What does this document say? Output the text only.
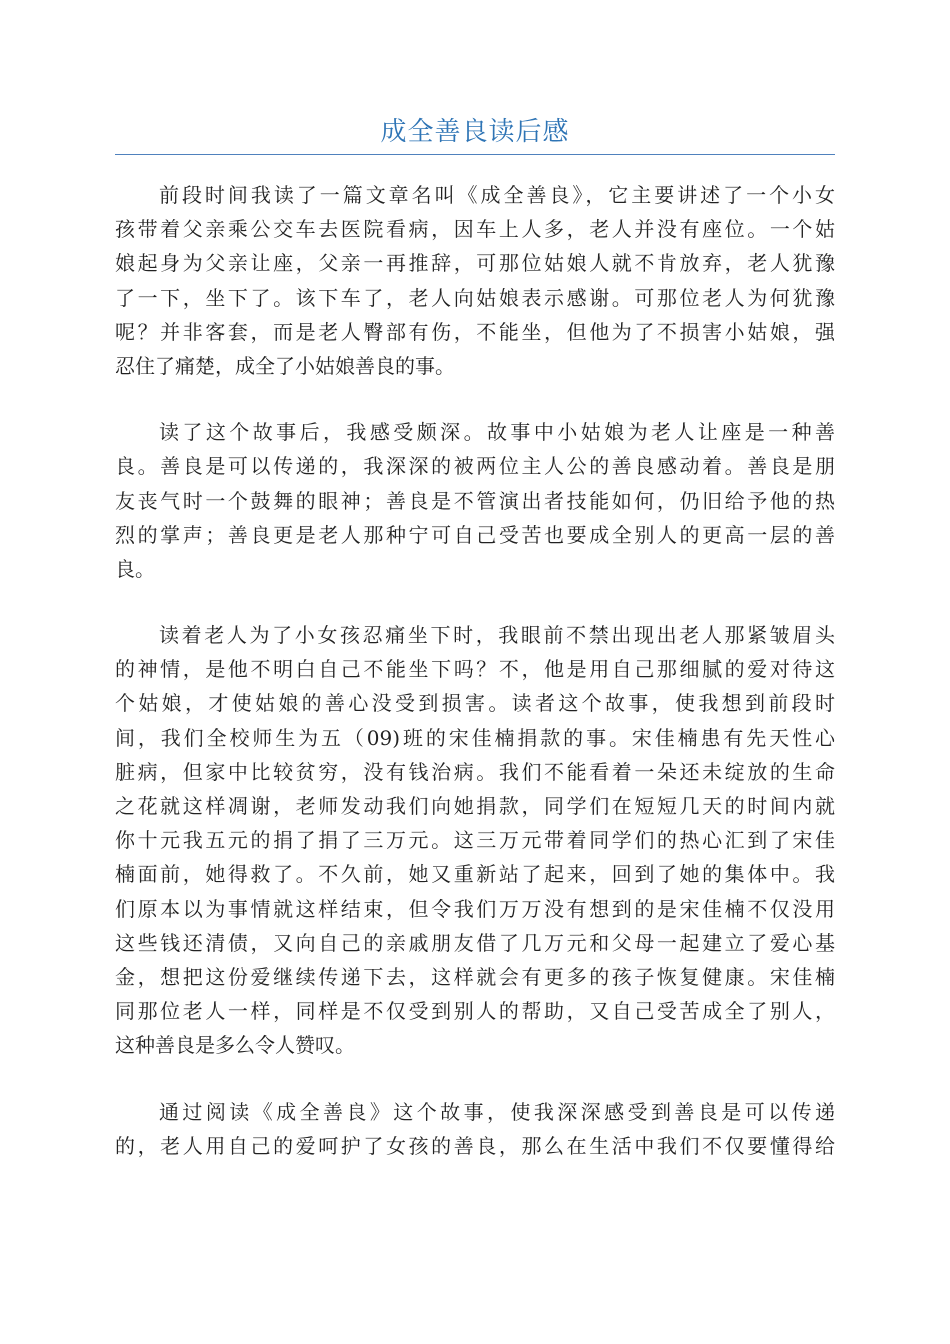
成全善良读后感
前段时间我读了一篇文章名叫《成全善良》，它主要讲述了一个小女
孩带着父亲乘公交车去医院看病，因车上人多，老人并没有座位。一个姑
娘起身为父亲让座，父亲一再推辞，可那位姑娘人就不肯放弃，老人犹豫
了一下，坐下了。该下车了，老人向姑娘表示感谢。可那位老人为何犹豫
呢？并非客套，而是老人臀部有伤，不能坐，但他为了不损害小姑娘，强
忍住了痛楚，成全了小姑娘善良的事。
读了这个故事后，我感受颇深。故事中小姑娘为老人让座是一种善
良。善良是可以传递的，我深深的被两位主人公的善良感动着。善良是朋
友丧气时一个鼓舞的眼神；善良是不管演出者技能如何，仍旧给予他的热
烈的掌声；善良更是老人那种宁可自己受苦也要成全别人的更高一层的善
良。
读着老人为了小女孩忍痛坐下时，我眼前不禁出现出老人那紧皱眉头
的神情，是他不明白自己不能坐下吗？不，他是用自己那细腻的爱对待这
个姑娘，才使姑娘的善心没受到损害。读者这个故事，使我想到前段时
间，我们全校师生为五（09)班的宋佳楠捐款的事。宋佳楠患有先天性心
脏病，但家中比较贫穷，没有钱治病。我们不能看着一朵还未绽放的生命
之花就这样凋谢，老师发动我们向她捐款，同学们在短短几天的时间内就
你十元我五元的捐了捐了三万元。这三万元带着同学们的热心汇到了宋佳
楠面前，她得救了。不久前，她又重新站了起来，回到了她的集体中。我
们原本以为事情就这样结束，但令我们万万没有想到的是宋佳楠不仅没用
这些钱还清债，又向自己的亲戚朋友借了几万元和父母一起建立了爱心基
金，想把这份爱继续传递下去，这样就会有更多的孩子恢复健康。宋佳楠
同那位老人一样，同样是不仅受到别人的帮助，又自己受苦成全了别人，
这种善良是多么令人赞叹。
通过阅读《成全善良》这个故事，使我深深感受到善良是可以传递
的，老人用自己的爱呵护了女孩的善良，那么在生活中我们不仅要懂得给
